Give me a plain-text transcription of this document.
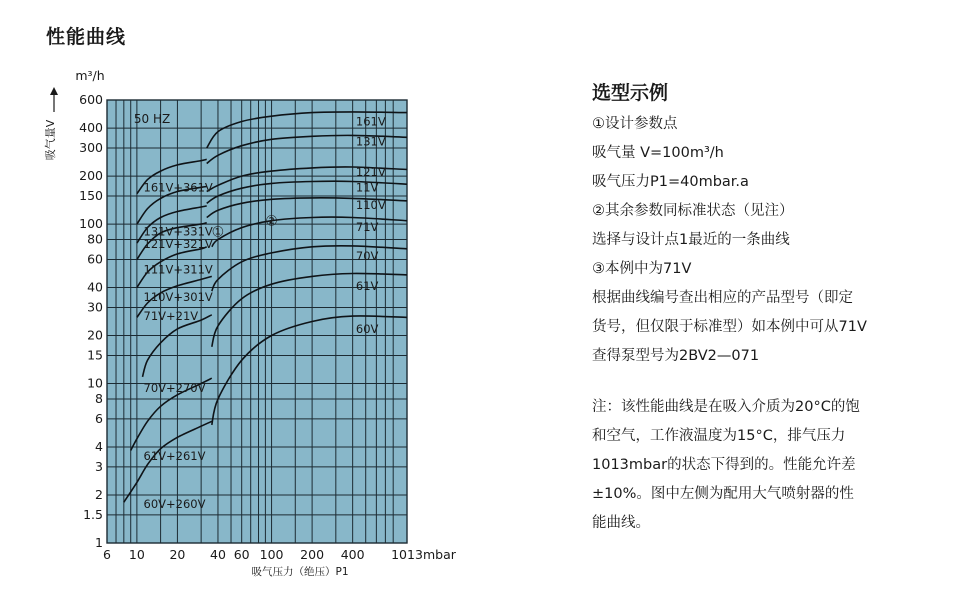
性能曲线
1
1.5
2
3
4
6
8
10
15
20
30
40
60
80
100
150
200
300
400
600
6 10 20 40 60 100 200 400 1013 mbar
吸气压力（绝压）P1
m³/h
吸气量V
50 HZ	161V
131V
121V
11V
110V
71V
70V
61V
60V
161V+361V
131V+331V
121V+321V
111V+311V
110V+301V
71V+21V
70V+270V
61V+261V
60V+260V
①
②
选型示例

①设计参数点

吸气量 V=100m³/h

吸气压力P1=40mbar.a

②其余参数同标准状态（见注）

选择与设计点1最近的一条曲线

③本例中为71V

根据曲线编号查出相应的产品型号（即定

货号，但仅限于标准型）如本例中可从71V

查得泵型号为2BV2—071

注：该性能曲线是在吸入介质为20°C的饱

和空气，工作液温度为15°C，排气压力

1013mbar的状态下得到的。性能允许差

±10%。图中左侧为配用大气喷射器的性

能曲线。
